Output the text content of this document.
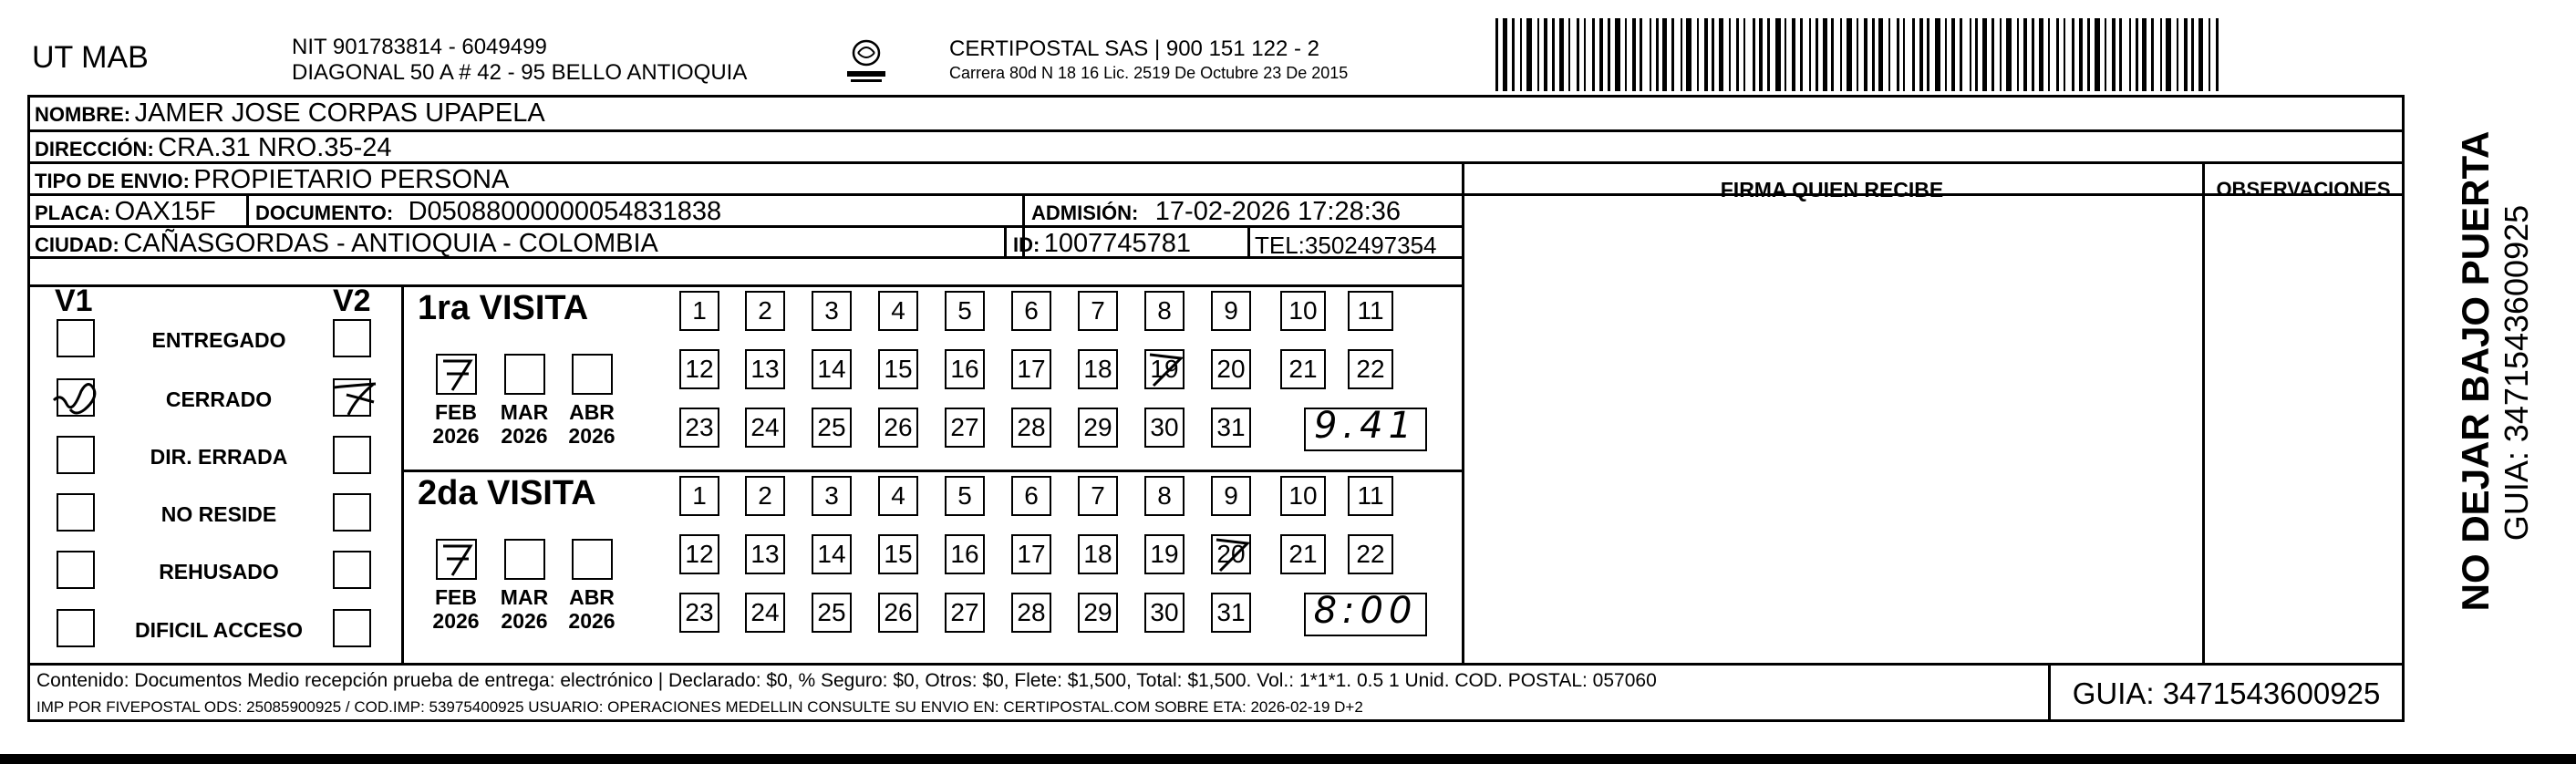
UT MAB	NIT 901783814 - 6049499
DIAGONAL 50 A # 42 - 95 BELLO ANTIOQUIA
CERTIPOSTAL SAS | 900 151 122 - 2
Carrera 80d N 18 16 Lic. 2519 De Octubre 23 De 2015
NOMBRE: JAMER JOSE CORPAS UPAPELA
DIRECCIÓN: CRA.31 NRO.35-24
TIPO DE ENVIO: PROPIETARIO PERSONA
PLACA: OAX15F DOCUMENTO: D05088000000054831838	ADMISIÓN: 17-02-2026 17:28:36
CIUDAD: CAÑASGORDAS - ANTIOQUIA - COLOMBIA	ID: 1007745781	TEL:3502497354
FIRMA QUIEN RECIBE	OBSERVACIONES
V1	V2
ENTREGADO
CERRADO
DIR. ERRADA
NO RESIDE
REHUSADO
DIFICIL ACCESO
1ra VISITA
FEB
2026
MAR
2026
ABR
2026
1	2	3	4	5	6	7	8	9	10	11
12 13 14 15 16 17 18 19 20	21	22
23 24 25 26 27 28 29 30 31 9.41
2da VISITA
FEB
2026
MAR
2026
ABR
2026
1	2	3	4	5	6	7	8	9	10	11
12 13 14 15 16 17 18 19 20	21	22
23 24 25 26 27 28 29 30 31 8:00
Contenido: Documentos Medio recepción prueba de entrega: electrónico | Declarado: $0, % Seguro: $0, Otros: $0, Flete: $1,500, Total: $1,500. Vol.: 1*1*1. 0.5 1 Unid. COD. POSTAL: 057060
IMP POR FIVEPOSTAL ODS: 25085900925 / COD.IMP: 53975400925 USUARIO: OPERACIONES MEDELLIN CONSULTE SU ENVIO EN: CERTIPOSTAL.COM SOBRE ETA: 2026-02-19 D+2	GUIA: 3471543600925
NO DEJAR BAJO PUERTA GUIA: 3471543600925
